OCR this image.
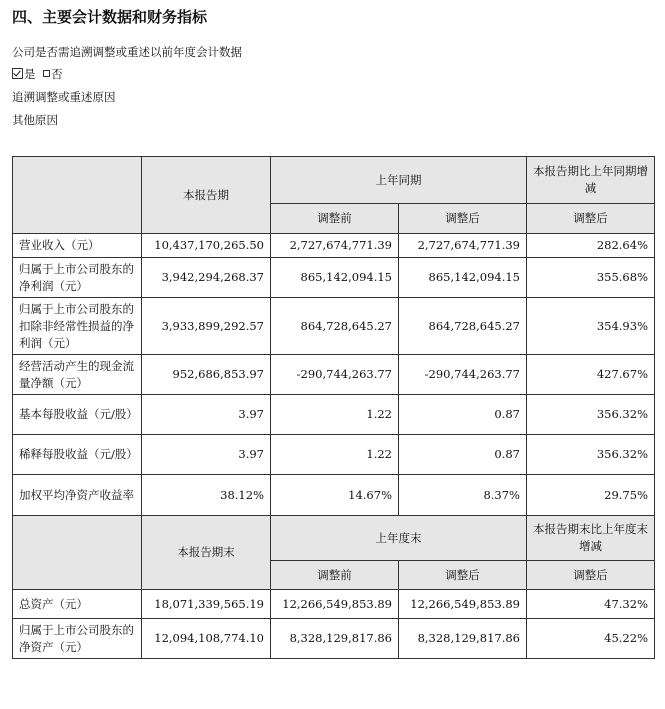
四、主要会计数据和财务指标
公司是否需追溯调整或重述以前年度会计数据
是 否
追溯调整或重述原因
其他原因
	本报告期	上年同期		本报告期比上年同期增减
		调整前	调整后	调整后
营业收入（元）	10,437,170,265.50	2,727,674,771.39	2,727,674,771.39	282.64%
归属于上市公司股东的净利润（元）	3,942,294,268.37	865,142,094.15	865,142,094.15	355.68%
归属于上市公司股东的扣除非经常性损益的净利润（元）	3,933,899,292.57	864,728,645.27	864,728,645.27	354.93%
经营活动产生的现金流量净额（元）	952,686,853.97	-290,744,263.77	-290,744,263.77	427.67%
基本每股收益（元/股）	3.97	1.22	0.87	356.32%
稀释每股收益（元/股）	3.97	1.22	0.87	356.32%
加权平均净资产收益率	38.12%	14.67%	8.37%	29.75%
	本报告期末	上年度末		本报告期末比上年度末增减
		调整前	调整后	调整后
总资产（元）	18,071,339,565.19	12,266,549,853.89	12,266,549,853.89	47.32%
归属于上市公司股东的净资产（元）	12,094,108,774.10	8,328,129,817.86	8,328,129,817.86	45.22%
